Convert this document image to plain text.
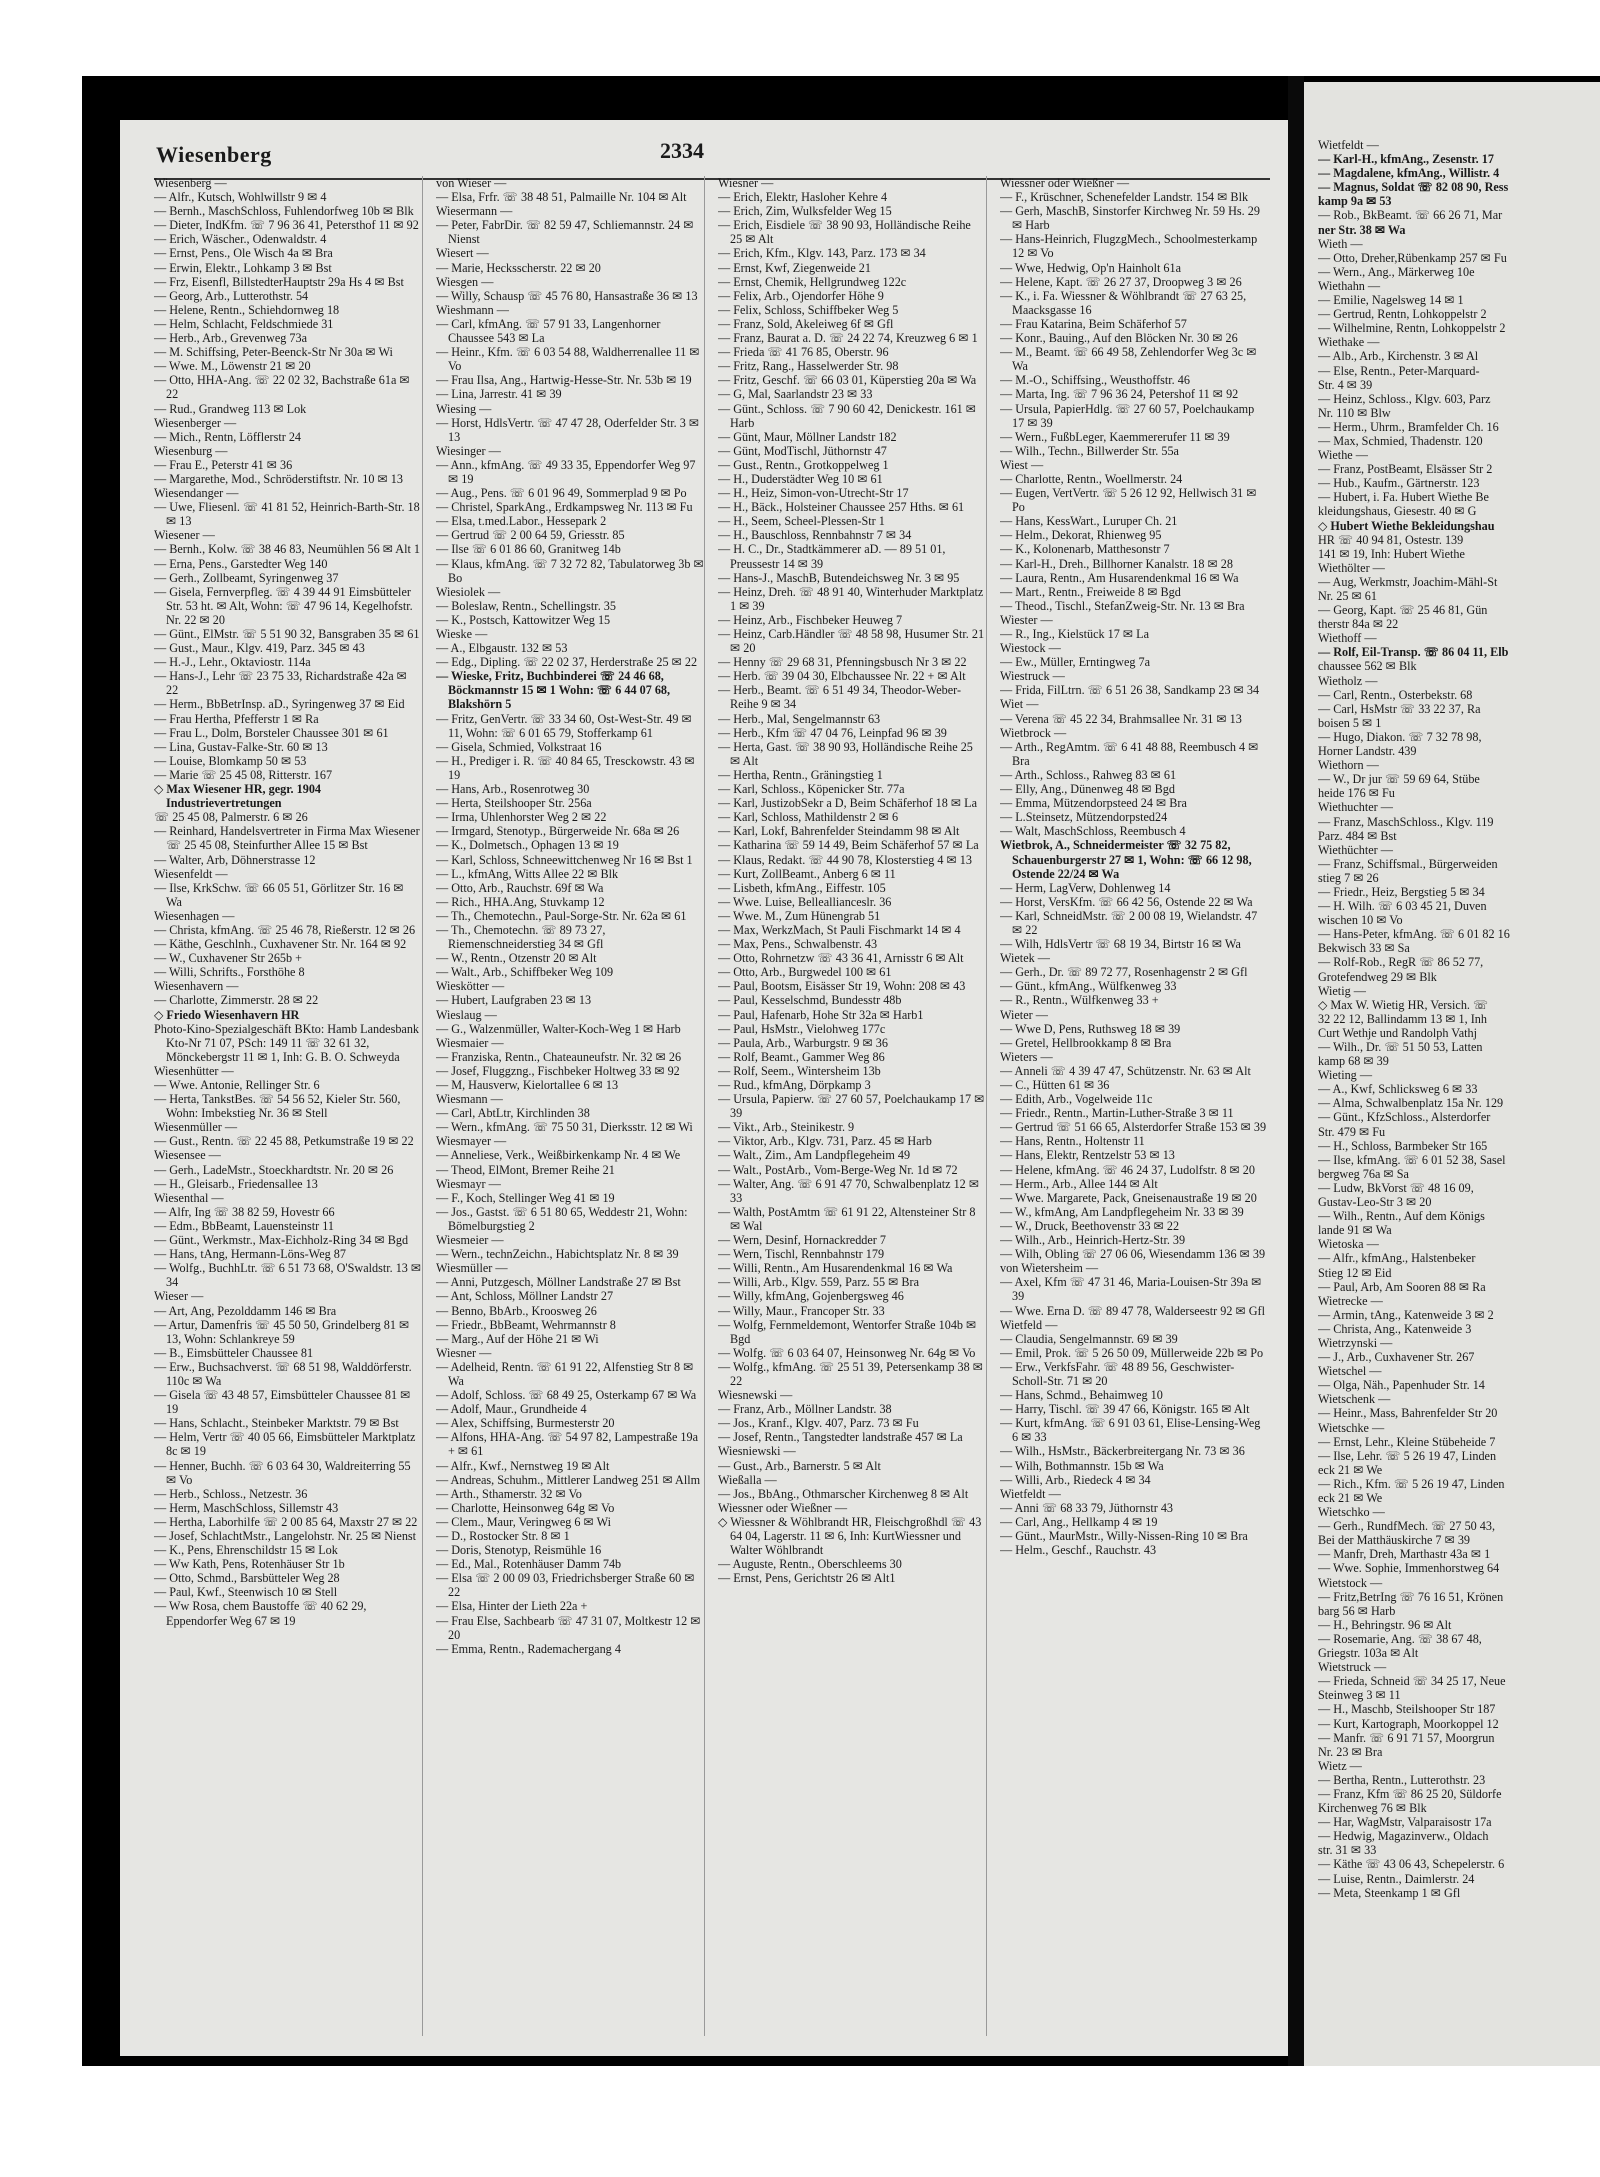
Wiesenberg	2334

Wiesenberg —

— Alfr., Kutsch, Wohlwillstr 9 ✉ 4

— Bernh., MaschSchloss, Fuhlendorfweg 10b ✉ Blk

— Dieter, IndKfm. ☏ 7 96 36 41, Petersthof 11 ✉ 92

— Erich, Wäscher., Odenwaldstr. 4

— Ernst, Pens., Ole Wisch 4a ✉ Bra

— Erwin, Elektr., Lohkamp 3 ✉ Bst

— Frz, Eisenfl, BillstedterHauptstr 29a Hs 4 ✉ Bst

— Georg, Arb., Lutterothstr. 54

— Helene, Rentn., Schiehdornweg 18

— Helm, Schlacht, Feldschmiede 31

— Herb., Arb., Grevenweg 73a

— M. Schiffsing, Peter-Beenck-Str Nr 30a ✉ Wi

— Wwe. M., Löwenstr 21 ✉ 20

— Otto, HHA-Ang. ☏ 22 02 32, Bachstraße 61a ✉ 22

— Rud., Grandweg 113 ✉ Lok

Wiesenberger —

— Mich., Rentn, Löfflerstr 24

Wiesenburg —

— Frau E., Peterstr 41 ✉ 36

— Margarethe, Mod., Schröderstiftstr. Nr. 10 ✉ 13

Wiesendanger —

— Uwe, Fliesenl. ☏ 41 81 52, Heinrich-Barth-Str. 18 ✉ 13

Wiesener —

— Bernh., Kolw. ☏ 38 46 83, Neumühlen 56 ✉ Alt 1

— Erna, Pens., Garstedter Weg 140

— Gerh., Zollbeamt, Syringenweg 37

— Gisela, Fernverpfleg. ☏ 4 39 44 91 Eimsbütteler Str. 53 ht. ✉ Alt, Wohn: ☏ 47 96 14, Kegelhofstr. Nr. 22 ✉ 20

— Günt., ElMstr. ☏ 5 51 90 32, Bansgraben 35 ✉ 61

— Gust., Maur., Klgv. 419, Parz. 345 ✉ 43

— H.-J., Lehr., Oktaviostr. 114a

— Hans-J., Lehr ☏ 23 75 33, Richardstraße 42a ✉ 22

— Herm., BbBetrInsp. aD., Syringenweg 37 ✉ Eid

— Frau Hertha, Pfefferstr 1 ✉ Ra

— Frau L., Dolm, Borsteler Chaussee 301 ✉ 61

— Lina, Gustav-Falke-Str. 60 ✉ 13

— Louise, Blomkamp 50 ✉ 53

— Marie ☏ 25 45 08, Ritterstr. 167

◇ Max Wiesener HR, gegr. 1904 Industrievertretungen

☏ 25 45 08, Palmerstr. 6 ✉ 26

— Reinhard, Handelsvertreter in Firma Max Wiesener ☏ 25 45 08, Steinfurther Allee 15 ✉ Bst

— Walter, Arb, Döhnerstrasse 12

Wiesenfeldt —

— Ilse, KrkSchw. ☏ 66 05 51, Görlitzer Str. 16 ✉ Wa

Wiesenhagen —

— Christa, kfmAng. ☏ 25 46 78, Rießerstr. 12 ✉ 26

— Käthe, Geschlnh., Cuxhavener Str. Nr. 164 ✉ 92

— W., Cuxhavener Str 265b +

— Willi, Schrifts., Forsthöhe 8

Wiesenhavern —

— Charlotte, Zimmerstr. 28 ✉ 22

◇ Friedo Wiesenhavern HR

Photo-Kino-Spezialgeschäft BKto: Hamb Landesbank Kto-Nr 71 07, PSch: 149 11 ☏ 32 61 32, Mönckebergstr 11 ✉ 1, Inh: G. B. O. Schweyda

Wiesenhütter —

— Wwe. Antonie, Rellinger Str. 6

— Herta, TankstBes. ☏ 54 56 52, Kieler Str. 560, Wohn: Imbekstieg Nr. 36 ✉ Stell

Wiesenmüller —

— Gust., Rentn. ☏ 22 45 88, Petkumstraße 19 ✉ 22

Wiesensee —

— Gerh., LadeMstr., Stoeckhardtstr. Nr. 20 ✉ 26

— H., Gleisarb., Friedensallee 13

Wiesenthal —

— Alfr, Ing ☏ 38 82 59, Hovestr 66

— Edm., BbBeamt, Lauensteinstr 11

— Günt., Werkmstr., Max-Eichholz-Ring 34 ✉ Bgd

— Hans, tAng, Hermann-Löns-Weg 87

— Wolfg., BuchhLtr. ☏ 6 51 73 68, O'Swaldstr. 13 ✉ 34

Wieser —

— Art, Ang, Pezolddamm 146 ✉ Bra

— Artur, Damenfris ☏ 45 50 50, Grindelberg 81 ✉ 13, Wohn: Schlankreye 59

— B., Eimsbütteler Chaussee 81

— Erw., Buchsachverst. ☏ 68 51 98, Walddörferstr. 110c ✉ Wa

— Gisela ☏ 43 48 57, Eimsbütteler Chaussee 81 ✉ 19

— Hans, Schlacht., Steinbeker Marktstr. 79 ✉ Bst

— Helm, Vertr ☏ 40 05 66, Eimsbütteler Marktplatz 8c ✉ 19

— Henner, Buchh. ☏ 6 03 64 30, Waldreiterring 55 ✉ Vo

— Herb., Schloss., Netzestr. 36

— Herm, MaschSchloss, Sillemstr 43

— Hertha, Laborhilfe ☏ 2 00 85 64, Maxstr 27 ✉ 22

— Josef, SchlachtMstr., Langelohstr. Nr. 25 ✉ Nienst

— K., Pens, Ehrenschildstr 15 ✉ Lok

— Ww Kath, Pens, Rotenhäuser Str 1b

— Otto, Schmd., Barsbütteler Weg 28

— Paul, Kwf., Steenwisch 10 ✉ Stell

— Ww Rosa, chem Baustoffe ☏ 40 62 29, Eppendorfer Weg 67 ✉ 19

von Wieser —

— Elsa, Frfr. ☏ 38 48 51, Palmaille Nr. 104 ✉ Alt

Wiesermann —

— Peter, FabrDir. ☏ 82 59 47, Schliemannstr. 24 ✉ Nienst

Wiesert —

— Marie, Hecksscherstr. 22 ✉ 20

Wiesgen —

— Willy, Schausp ☏ 45 76 80, Hansastraße 36 ✉ 13

Wieshmann —

— Carl, kfmAng. ☏ 57 91 33, Langenhorner Chaussee 543 ✉ La

— Heinr., Kfm. ☏ 6 03 54 88, Waldherrenallee 11 ✉ Vo

— Frau Ilsa, Ang., Hartwig-Hesse-Str. Nr. 53b ✉ 19

— Lina, Jarrestr. 41 ✉ 39

Wiesing —

— Horst, HdlsVertr. ☏ 47 47 28, Oderfelder Str. 3 ✉ 13

Wiesinger —

— Ann., kfmAng. ☏ 49 33 35, Eppendorfer Weg 97 ✉ 19

— Aug., Pens. ☏ 6 01 96 49, Sommerplad 9 ✉ Po

— Christel, SparkAng., Erdkampsweg Nr. 113 ✉ Fu

— Elsa, t.med.Labor., Hessepark 2

— Gertrud ☏ 2 00 64 59, Griesstr. 85

— Ilse ☏ 6 01 86 60, Granitweg 14b

— Klaus, kfmAng. ☏ 7 32 72 82, Tabulatorweg 3b ✉ Bo

Wiesiolek —

— Boleslaw, Rentn., Schellingstr. 35

— K., Postsch, Kattowitzer Weg 15

Wieske —

— A., Elbgaustr. 132 ✉ 53

— Edg., Dipling. ☏ 22 02 37, Herderstraße 25 ✉ 22

— Wieske, Fritz, Buchbinderei ☏ 24 46 68, Böckmannstr 15 ✉ 1 Wohn: ☏ 6 44 07 68, Blakshörn 5

— Fritz, GenVertr. ☏ 33 34 60, Ost-West-Str. 49 ✉ 11, Wohn: ☏ 6 01 65 79, Stofferkamp 61

— Gisela, Schmied, Volkstraat 16

— H., Prediger i. R. ☏ 40 84 65, Tresckowstr. 43 ✉ 19

— Hans, Arb., Rosenrotweg 30

— Herta, Steilshooper Str. 256a

— Irma, Uhlenhorster Weg 2 ✉ 22

— Irmgard, Stenotyp., Bürgerweide Nr. 68a ✉ 26

— K., Dolmetsch., Ophagen 13 ✉ 19

— Karl, Schloss, Schneewittchenweg Nr 16 ✉ Bst 1

— L., kfmAng, Witts Allee 22 ✉ Blk

— Otto, Arb., Rauchstr. 69f ✉ Wa

— Rich., HHA.Ang, Stuvkamp 12

— Th., Chemotechn., Paul-Sorge-Str. Nr. 62a ✉ 61

— Th., Chemotechn. ☏ 89 73 27, Riemenschneiderstieg 34 ✉ Gfl

— W., Rentn., Otzenstr 20 ✉ Alt

— Walt., Arb., Schiffbeker Weg 109

Wieskötter —

— Hubert, Laufgraben 23 ✉ 13

Wieslaug —

— G., Walzenmüller, Walter-Koch-Weg 1 ✉ Harb

Wiesmaier —

— Franziska, Rentn., Chateauneufstr. Nr. 32 ✉ 26

— Josef, Fluggzng., Fischbeker Holtweg 33 ✉ 92

— M, Hausverw, Kielortallee 6 ✉ 13

Wiesmann —

— Carl, AbtLtr, Kirchlinden 38

— Wern., kfmAng. ☏ 75 50 31, Dierksstr. 12 ✉ Wi

Wiesmayer —

— Anneliese, Verk., Weißbirkenkamp Nr. 4 ✉ We

— Theod, ElMont, Bremer Reihe 21

Wiesmayr —

— F., Koch, Stellinger Weg 41 ✉ 19

— Jos., Gastst. ☏ 6 51 80 65, Weddestr 21, Wohn: Bömelburgstieg 2

Wiesmeier —

— Wern., technZeichn., Habichtsplatz Nr. 8 ✉ 39

Wiesmüller —

— Anni, Putzgesch, Möllner Landstraße 27 ✉ Bst

— Ant, Schloss, Möllner Landstr 27

— Benno, BbArb., Kroosweg 26

— Friedr., BbBeamt, Wehrmannstr 8

— Marg., Auf der Höhe 21 ✉ Wi

Wiesner —

— Adelheid, Rentn. ☏ 61 91 22, Alfenstieg Str 8 ✉ Wa

— Adolf, Schloss. ☏ 68 49 25, Osterkamp 67 ✉ Wa

— Adolf, Maur., Grundheide 4

— Alex, Schiffsing, Burmesterstr 20

— Alfons, HHA-Ang. ☏ 54 97 82, Lampestraße 19a + ✉ 61

— Alfr., Kwf., Nernstweg 19 ✉ Alt

— Andreas, Schuhm., Mittlerer Landweg 251 ✉ Allm

— Arth., Sthamerstr. 32 ✉ Vo

— Charlotte, Heinsonweg 64g ✉ Vo

— Clem., Maur, Veringweg 6 ✉ Wi

— D., Rostocker Str. 8 ✉ 1

— Doris, Stenotyp, Reismühle 16

— Ed., Mal., Rotenhäuser Damm 74b

— Elsa ☏ 2 00 09 03, Friedrichsberger Straße 60 ✉ 22

— Elsa, Hinter der Lieth 22a +

— Frau Else, Sachbearb ☏ 47 31 07, Moltkestr 12 ✉ 20

— Emma, Rentn., Rademachergang 4

Wiesner —

— Erich, Elektr, Hasloher Kehre 4

— Erich, Zim, Wulksfelder Weg 15

— Erich, Eisdiele ☏ 38 90 93, Holländische Reihe 25 ✉ Alt

— Erich, Kfm., Klgv. 143, Parz. 173 ✉ 34

— Ernst, Kwf, Ziegenweide 21

— Ernst, Chemik, Hellgrundweg 122c

— Felix, Arb., Ojendorfer Höhe 9

— Felix, Schloss, Schiffbeker Weg 5

— Franz, Sold, Akeleiweg 6f ✉ Gfl

— Franz, Baurat a. D. ☏ 24 22 74, Kreuzweg 6 ✉ 1

— Frieda ☏ 41 76 85, Oberstr. 96

— Fritz, Rang., Hasselwerder Str. 98

— Fritz, Geschf. ☏ 66 03 01, Küperstieg 20a ✉ Wa

— G, Mal, Saarlandstr 23 ✉ 33

— Günt., Schloss. ☏ 7 90 60 42, Denickestr. 161 ✉ Harb

— Günt, Maur, Möllner Landstr 182

— Günt, ModTischl, Jüthornstr 47

— Gust., Rentn., Grotkoppelweg 1

— H., Duderstädter Weg 10 ✉ 61

— H., Heiz, Simon-von-Utrecht-Str 17

— H., Bäck., Holsteiner Chaussee 257 Hths. ✉ 61

— H., Seem, Scheel-Plessen-Str 1

— H., Bauschloss, Rennbahnstr 7 ✉ 34

— H. C., Dr., Stadtkämmerer aD. — 89 51 01, Preussestr 14 ✉ 39

— Hans-J., MaschB, Butendeichsweg Nr. 3 ✉ 95

— Heinz, Dreh. ☏ 48 91 40, Winterhuder Marktplatz 1 ✉ 39

— Heinz, Arb., Fischbeker Heuweg 7

— Heinz, Carb.Händler ☏ 48 58 98, Husumer Str. 21 ✉ 20

— Henny ☏ 29 68 31, Pfenningsbusch Nr 3 ✉ 22

— Herb. ☏ 39 04 30, Elbchaussee Nr. 22 + ✉ Alt

— Herb., Beamt. ☏ 6 51 49 34, Theodor-Weber-Reihe 9 ✉ 34

— Herb., Mal, Sengelmannstr 63

— Herb., Kfm ☏ 47 04 76, Leinpfad 96 ✉ 39

— Herta, Gast. ☏ 38 90 93, Holländische Reihe 25 ✉ Alt

— Hertha, Rentn., Gräningstieg 1

— Karl, Schloss., Köpenicker Str. 77a

— Karl, JustizobSekr a D, Beim Schäferhof 18 ✉ La

— Karl, Schloss, Mathildenstr 2 ✉ 6

— Karl, Lokf, Bahrenfelder Steindamm 98 ✉ Alt

— Katharina ☏ 59 14 49, Beim Schäferhof 57 ✉ La

— Klaus, Redakt. ☏ 44 90 78, Klosterstieg 4 ✉ 13

— Kurt, ZollBeamt., Anberg 6 ✉ 11

— Lisbeth, kfmAng., Eiffestr. 105

— Wwe. Luise, Belleallianceslr. 36

— Wwe. M., Zum Hünengrab 51

— Max, WerkzMach, St Pauli Fischmarkt 14 ✉ 4

— Max, Pens., Schwalbenstr. 43

— Otto, Rohrnetzw ☏ 43 36 41, Arnisstr 6 ✉ Alt

— Otto, Arb., Burgwedel 100 ✉ 61

— Paul, Bootsm, Eisässer Str 19, Wohn: 208 ✉ 43

— Paul, Kesselschmd, Bundesstr 48b

— Paul, Hafenarb, Hohe Str 32a ✉ Harb1

— Paul, HsMstr., Vielohweg 177c

— Paula, Arb., Warburgstr. 9 ✉ 36

— Rolf, Beamt., Gammer Weg 86

— Rolf, Seem., Wintersheim 13b

— Rud., kfmAng, Dörpkamp 3

— Ursula, Papierw. ☏ 27 60 57, Poelchaukamp 17 ✉ 39

— Vikt., Arb., Steinikestr. 9

— Viktor, Arb., Klgv. 731, Parz. 45 ✉ Harb

— Walt., Zim., Am Landpflegeheim 49

— Walt., PostArb., Vom-Berge-Weg Nr. 1d ✉ 72

— Walter, Ang. ☏ 6 91 47 70, Schwalbenplatz 12 ✉ 33

— Walth, PostAmtm ☏ 61 91 22, Altensteiner Str 8 ✉ Wal

— Wern, Desinf, Hornackredder 7

— Wern, Tischl, Rennbahnstr 179

— Willi, Rentn., Am Husarendenkmal 16 ✉ Wa

— Willi, Arb., Klgv. 559, Parz. 55 ✉ Bra

— Willy, kfmAng, Gojenbergsweg 46

— Willy, Maur., Francoper Str. 33

— Wolfg, Fernmeldemont, Wentorfer Straße 104b ✉ Bgd

— Wolfg. ☏ 6 03 64 07, Heinsonweg Nr. 64g ✉ Vo

— Wolfg., kfmAng. ☏ 25 51 39, Petersenkamp 38 ✉ 22

Wiesnewski —

— Franz, Arb., Möllner Landstr. 38

— Jos., Kranf., Klgv. 407, Parz. 73 ✉ Fu

— Josef, Rentn., Tangstedter landstraße 457 ✉ La

Wiesniewski —

— Gust., Arb., Barnerstr. 5 ✉ Alt

Wießalla —

— Jos., BbAng., Othmarscher Kirchenweg 8 ✉ Alt

Wiessner oder Wießner —

◇ Wiessner & Wöhlbrandt HR, Fleischgroßhdl ☏ 43 64 04, Lagerstr. 11 ✉ 6, Inh: KurtWiessner und Walter Wöhlbrandt

— Auguste, Rentn., Oberschleems 30

— Ernst, Pens, Gerichtstr 26 ✉ Alt1

Wiessner oder Wießner —

— F., Krüschner, Schenefelder Landstr. 154 ✉ Blk

— Gerh, MaschB, Sinstorfer Kirchweg Nr. 59 Hs. 29 ✉ Harb

— Hans-Heinrich, FlugzgMech., Schoolmesterkamp 12 ✉ Vo

— Wwe, Hedwig, Op'n Hainholt 61a

— Helene, Kapt. ☏ 26 27 37, Droopweg 3 ✉ 26

— K., i. Fa. Wiessner & Wöhlbrandt ☏ 27 63 25, Maacksgasse 16

— Frau Katarina, Beim Schäferhof 57

— Konr., Bauing., Auf den Blöcken Nr. 30 ✉ 26

— M., Beamt. ☏ 66 49 58, Zehlendorfer Weg 3c ✉ Wa

— M.-O., Schiffsing., Weusthoffstr. 46

— Marta, Ing. ☏ 7 96 36 24, Petershof 11 ✉ 92

— Ursula, PapierHdlg. ☏ 27 60 57, Poelchaukamp 17 ✉ 39

— Wern., FußbLeger, Kaemmererufer 11 ✉ 39

— Wilh., Techn., Billwerder Str. 55a

Wiest —

— Charlotte, Rentn., Woellmerstr. 24

— Eugen, VertVertr. ☏ 5 26 12 92, Hellwisch 31 ✉ Po

— Hans, KessWart., Luruper Ch. 21

— Helm., Dekorat, Rhienweg 95

— K., Kolonenarb, Matthesonstr 7

— Karl-H., Dreh., Billhorner Kanalstr. 18 ✉ 28

— Laura, Rentn., Am Husarendenkmal 16 ✉ Wa

— Mart., Rentn., Freiweide 8 ✉ Bgd

— Theod., Tischl., StefanZweig-Str. Nr. 13 ✉ Bra

Wiester —

— R., Ing., Kielstück 17 ✉ La

Wiestock —

— Ew., Müller, Erntingweg 7a

Wiestruck —

— Frida, FilLtrn. ☏ 6 51 26 38, Sandkamp 23 ✉ 34

Wiet —

— Verena ☏ 45 22 34, Brahmsallee Nr. 31 ✉ 13

Wietbrock —

— Arth., RegAmtm. ☏ 6 41 48 88, Reembusch 4 ✉ Bra

— Arth., Schloss., Rahweg 83 ✉ 61

— Elly, Ang., Dünenweg 48 ✉ Bgd

— Emma, Mützendorpsteed 24 ✉ Bra

— L.Steinsetz, Mützendorpsted24

— Walt, MaschSchloss, Reembusch 4

Wietbrok, A., Schneidermeister ☏ 32 75 82, Schauenburgerstr 27 ✉ 1, Wohn: ☏ 66 12 98, Ostende 22/24 ✉ Wa

— Herm, LagVerw, Dohlenweg 14

— Horst, VersKfm. ☏ 66 42 56, Ostende 22 ✉ Wa

— Karl, SchneidMstr. ☏ 2 00 08 19, Wielandstr. 47 ✉ 22

— Wilh, HdlsVertr ☏ 68 19 34, Birtstr 16 ✉ Wa

Wietek —

— Gerh., Dr. ☏ 89 72 77, Rosenhagenstr 2 ✉ Gfl

— Günt., kfmAng., Wülfkenweg 33

— R., Rentn., Wülfkenweg 33 +

Wieter —

— Wwe D, Pens, Ruthsweg 18 ✉ 39

— Gretel, Hellbrookkamp 8 ✉ Bra

Wieters —

— Anneli ☏ 4 39 47 47, Schützenstr. Nr. 63 ✉ Alt

— C., Hütten 61 ✉ 36

— Edith, Arb., Vogelweide 11c

— Friedr., Rentn., Martin-Luther-Straße 3 ✉ 11

— Gertrud ☏ 51 66 65, Alsterdorfer Straße 153 ✉ 39

— Hans, Rentn., Holtenstr 11

— Hans, Elektr, Rentzelstr 53 ✉ 13

— Helene, kfmAng. ☏ 46 24 37, Ludolfstr. 8 ✉ 20

— Herm., Arb., Allee 144 ✉ Alt

— Wwe. Margarete, Pack, Gneisenaustraße 19 ✉ 20

— W., kfmAng, Am Landpflegeheim Nr. 33 ✉ 39

— W., Druck, Beethovenstr 33 ✉ 22

— Wilh., Arb., Heinrich-Hertz-Str. 39

— Wilh, Obling ☏ 27 06 06, Wiesendamm 136 ✉ 39

von Wietersheim —

— Axel, Kfm ☏ 47 31 46, Maria-Louisen-Str 39a ✉ 39

— Wwe. Erna D. ☏ 89 47 78, Walderseestr 92 ✉ Gfl

Wietfeld —

— Claudia, Sengelmannstr. 69 ✉ 39

— Emil, Prok. ☏ 5 26 50 09, Müllerweide 22b ✉ Po

— Erw., VerkfsFahr. ☏ 48 89 56, Geschwister-Scholl-Str. 71 ✉ 20

— Hans, Schmd., Behaimweg 10

— Harry, Tischl. ☏ 39 47 66, Königstr. 165 ✉ Alt

— Kurt, kfmAng. ☏ 6 91 03 61, Elise-Lensing-Weg 6 ✉ 33

— Wilh., HsMstr., Bäckerbreitergang Nr. 73 ✉ 36

— Wilh, Bothmannstr. 15b ✉ Wa

— Willi, Arb., Riedeck 4 ✉ 34

Wietfeldt —

— Anni ☏ 68 33 79, Jüthornstr 43

— Carl, Ang., Hellkamp 4 ✉ 19

— Günt., MaurMstr., Willy-Nissen-Ring 10 ✉ Bra

— Helm., Geschf., Rauchstr. 43

Wietfeldt —

— Karl-H., kfmAng., Zesenstr. 17

— Magdalene, kfmAng., Willistr. 4

— Magnus, Soldat ☏ 82 08 90, Ress

kamp 9a ✉ 53

— Rob., BkBeamt. ☏ 66 26 71, Mar

ner Str. 38 ✉ Wa

Wieth —

— Otto, Dreher,Rübenkamp 257 ✉ Fu

— Wern., Ang., Märkerweg 10e

Wiethahn —

— Emilie, Nagelsweg 14 ✉ 1

— Gertrud, Rentn, Lohkoppelstr 2

— Wilhelmine, Rentn, Lohkoppelstr 2

Wiethake —

— Alb., Arb., Kirchenstr. 3 ✉ Al

— Else, Rentn., Peter-Marquard-

Str. 4 ✉ 39

— Heinz, Schloss., Klgv. 603, Parz

Nr. 110 ✉ Blw

— Herm., Uhrm., Bramfelder Ch. 16

— Max, Schmied, Thadenstr. 120

Wiethe —

— Franz, PostBeamt, Elsässer Str 2

— Hub., Kaufm., Gärtnerstr. 123

— Hubert, i. Fa. Hubert Wiethe Be

kleidungshaus, Giesestr. 40 ✉ G

◇ Hubert Wiethe Bekleidungshau

HR ☏ 40 94 81, Ostestr. 139

141 ✉ 19, Inh: Hubert Wiethe

Wiethölter —

— Aug, Werkmstr, Joachim-Mähl-St

Nr. 25 ✉ 61

— Georg, Kapt. ☏ 25 46 81, Gün

therstr 84a ✉ 22

Wiethoff —

— Rolf, Eil-Transp. ☏ 86 04 11, Elb

chaussee 562 ✉ Blk

Wietholz —

— Carl, Rentn., Osterbekstr. 68

— Carl, HsMstr ☏ 33 22 37, Ra

boisen 5 ✉ 1

— Hugo, Diakon. ☏ 7 32 78 98,

Horner Landstr. 439

Wiethorn —

— W., Dr jur ☏ 59 69 64, Stübe

heide 176 ✉ Fu

Wiethuchter —

— Franz, MaschSchloss., Klgv. 119

Parz. 484 ✉ Bst

Wiethüchter —

— Franz, Schiffsmal., Bürgerweiden

stieg 7 ✉ 26

— Friedr., Heiz, Bergstieg 5 ✉ 34

— H. Wilh. ☏ 6 03 45 21, Duven

wischen 10 ✉ Vo

— Hans-Peter, kfmAng. ☏ 6 01 82 16

Bekwisch 33 ✉ Sa

— Rolf-Rob., RegR ☏ 86 52 77,

Grotefendweg 29 ✉ Blk

Wietig —

◇ Max W. Wietig HR, Versich. ☏

32 22 12, Ballindamm 13 ✉ 1, Inh

Curt Wethje und Randolph Vathj

— Wilh., Dr. ☏ 51 50 53, Latten

kamp 68 ✉ 39

Wieting —

— A., Kwf, Schlicksweg 6 ✉ 33

— Alma, Schwalbenplatz 15a Nr. 129

— Günt., KfzSchloss., Alsterdorfer

Str. 479 ✉ Fu

— H., Schloss, Barmbeker Str 165

— Ilse, kfmAng. ☏ 6 01 52 38, Sasel

bergweg 76a ✉ Sa

— Ludw, BkVorst ☏ 48 16 09,

Gustav-Leo-Str 3 ✉ 20

— Wilh., Rentn., Auf dem Königs

lande 91 ✉ Wa

Wietoska —

— Alfr., kfmAng., Halstenbeker

Stieg 12 ✉ Eid

— Paul, Arb, Am Sooren 88 ✉ Ra

Wietrecke —

— Armin, tAng., Katenweide 3 ✉ 2

— Christa, Ang., Katenweide 3

Wietrzynski —

— J., Arb., Cuxhavener Str. 267

Wietschel —

— Olga, Näh., Papenhuder Str. 14

Wietschenk —

— Heinr., Mass, Bahrenfelder Str 20

Wietschke —

— Ernst, Lehr., Kleine Stübeheide 7

— Ilse, Lehr. ☏ 5 26 19 47, Linden

eck 21 ✉ We

— Rich., Kfm. ☏ 5 26 19 47, Linden

eck 21 ✉ We

Wietschko —

— Gerh., RundfMech. ☏ 27 50 43,

Bei der Matthäuskirche 7 ✉ 39

— Manfr, Dreh, Marthastr 43a ✉ 1

— Wwe. Sophie, Immenhorstweg 64

Wietstock —

— Fritz,BetrIng ☏ 76 16 51, Krönen

barg 56 ✉ Harb

— H., Behringstr. 96 ✉ Alt

— Rosemarie, Ang. ☏ 38 67 48,

Griegstr. 103a ✉ Alt

Wietstruck —

— Frieda, Schneid ☏ 34 25 17, Neue

Steinweg 3 ✉ 11

— H., Maschb, Steilshooper Str 187

— Kurt, Kartograph, Moorkoppel 12

— Manfr. ☏ 6 91 71 57, Moorgrun

Nr. 23 ✉ Bra

Wietz —

— Bertha, Rentn., Lutterothstr. 23

— Franz, Kfm ☏ 86 25 20, Süldorfe

Kirchenweg 76 ✉ Blk

— Har, WagMstr, Valparaisostr 17a

— Hedwig, Magazinverw., Oldach

str. 31 ✉ 33

— Käthe ☏ 43 06 43, Schepelerstr. 6

— Luise, Rentn., Daimlerstr. 24

— Meta, Steenkamp 1 ✉ Gfl
